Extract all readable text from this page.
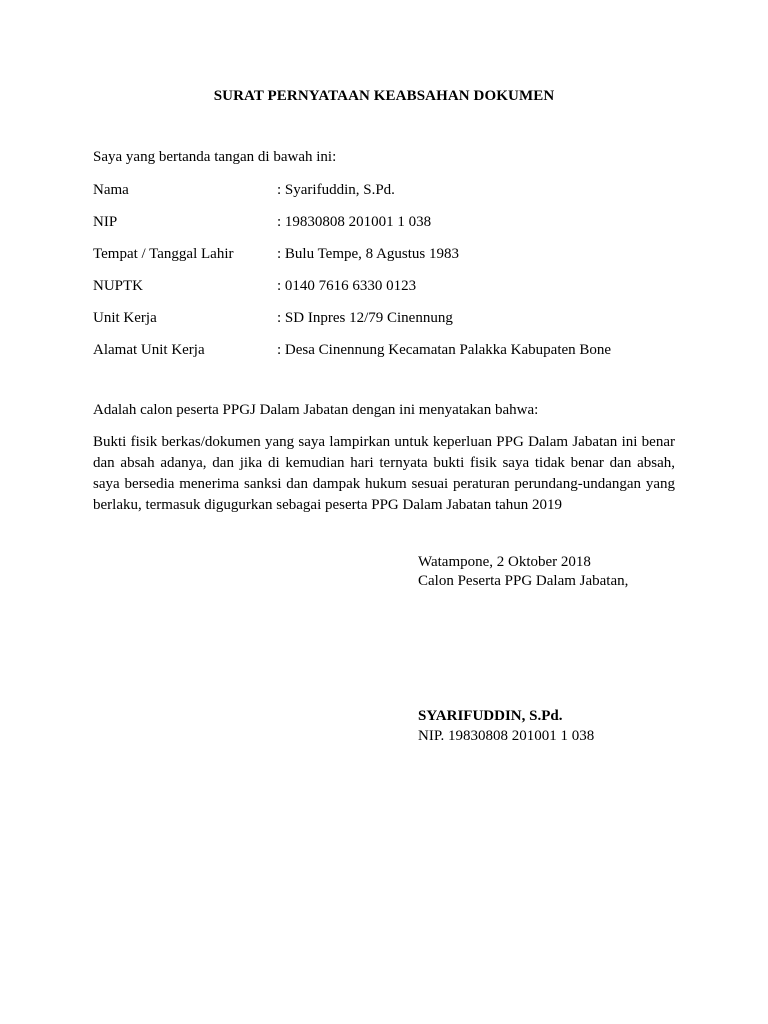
SURAT PERNYATAAN KEABSAHAN DOKUMEN
Saya yang bertanda tangan di bawah ini:
Nama	: Syarifuddin, S.Pd.
NIP	: 19830808 201001 1 038
Tempat / Tanggal Lahir	: Bulu Tempe, 8 Agustus 1983
NUPTK	: 0140 7616 6330 0123
Unit Kerja	: SD Inpres 12/79 Cinennung
Alamat Unit Kerja	: Desa Cinennung Kecamatan Palakka Kabupaten Bone
Adalah calon peserta PPGJ Dalam Jabatan dengan ini menyatakan bahwa:
Bukti fisik berkas/dokumen yang saya lampirkan untuk keperluan PPG Dalam Jabatan ini benar dan absah adanya, dan jika di kemudian hari ternyata bukti fisik saya tidak benar dan absah, saya bersedia menerima sanksi dan dampak hukum sesuai peraturan perundang-undangan yang berlaku, termasuk digugurkan sebagai peserta PPG Dalam Jabatan tahun 2019
Watampone, 2 Oktober 2018
Calon Peserta PPG Dalam Jabatan,
SYARIFUDDIN, S.Pd.
NIP. 19830808 201001 1 038
